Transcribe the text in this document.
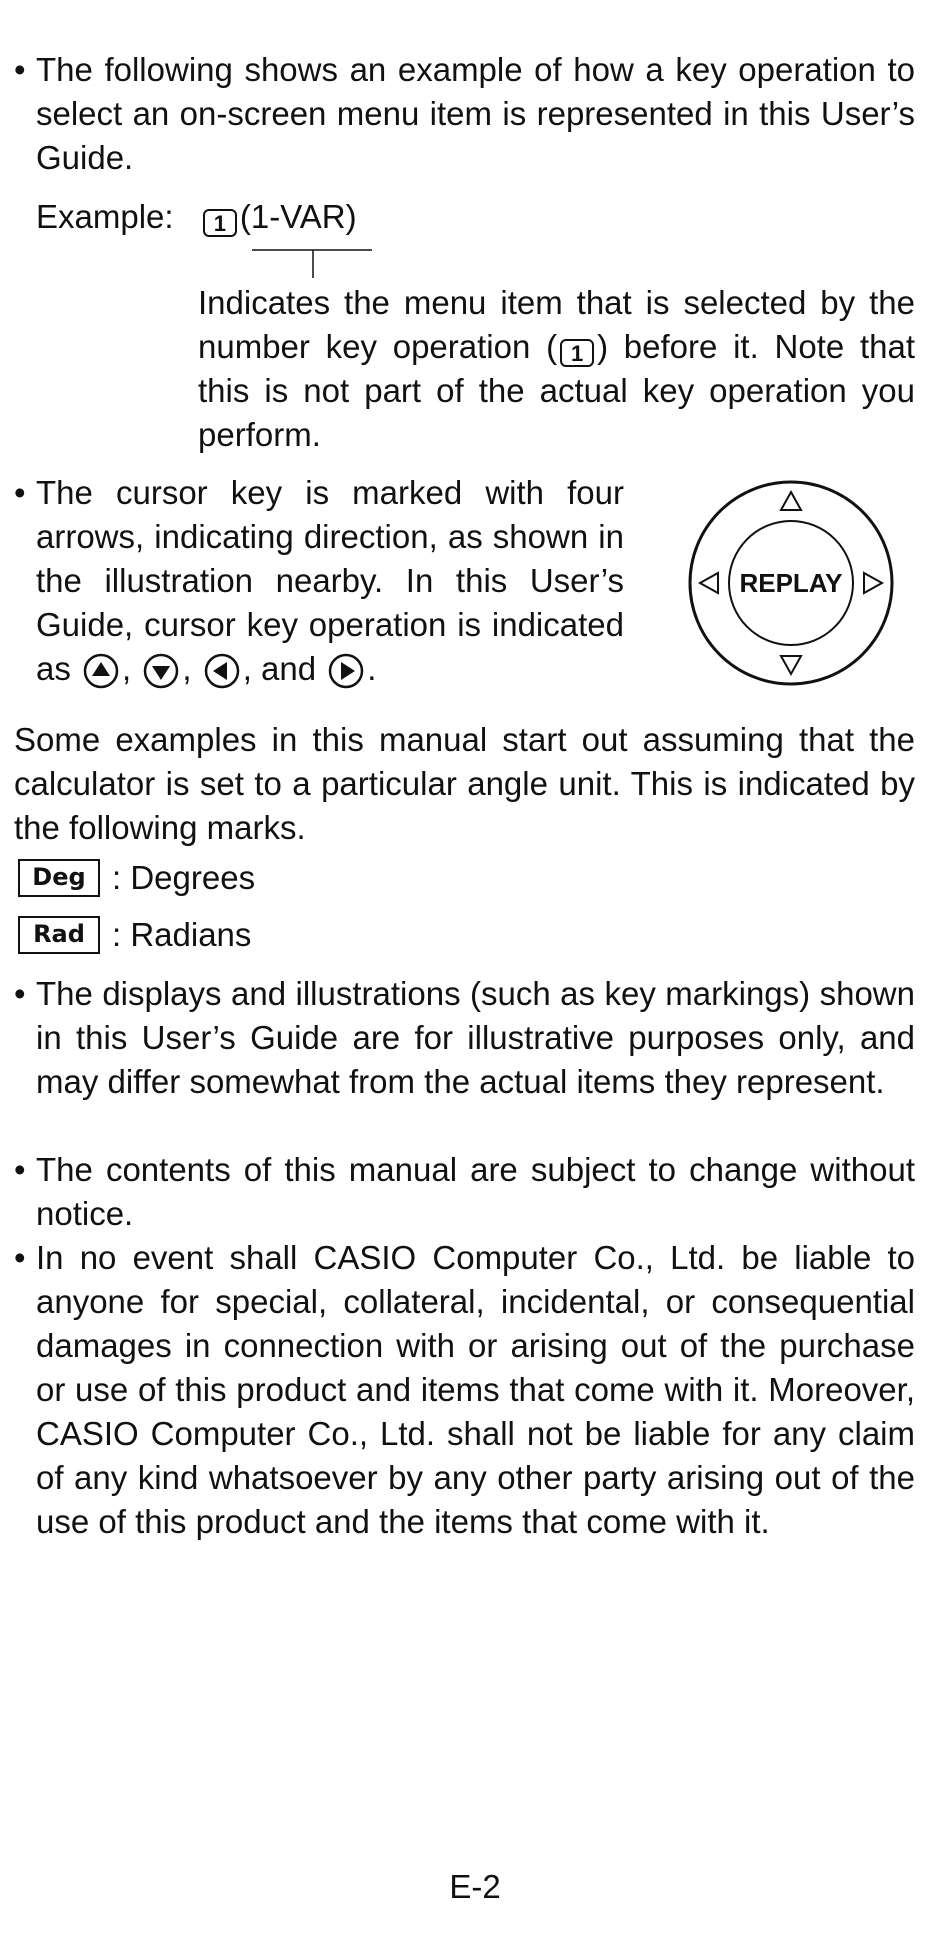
• The following shows an example of how a key operation to select an on-screen menu item is represented in this User’s Guide.
Example: 1 (1-VAR)
Indicates the menu item that is selected by the number key operation ( 1 ) before it. Note that this is not part of the actual key operation you perform.
• The cursor key is marked with four arrows, indicating direction, as shown in the illustration nearby. In this User’s Guide, cursor key operation is indicated as , , , and .
REPLAY
Some examples in this manual start out assuming that the calculator is set to a particular angle unit. This is indicated by the following marks.
Deg : Degrees
Rad : Radians
• The displays and illustrations (such as key markings) shown in this User’s Guide are for illustrative purposes only, and may differ somewhat from the actual items they represent.
• The contents of this manual are subject to change without notice.
• In no event shall CASIO Computer Co., Ltd. be liable to anyone for special, collateral, incidental, or consequential damages in connection with or arising out of the purchase or use of this product and items that come with it. Moreover, CASIO Computer Co., Ltd. shall not be liable for any claim of any kind whatsoever by any other party arising out of the use of this product and the items that come with it.
E-2
